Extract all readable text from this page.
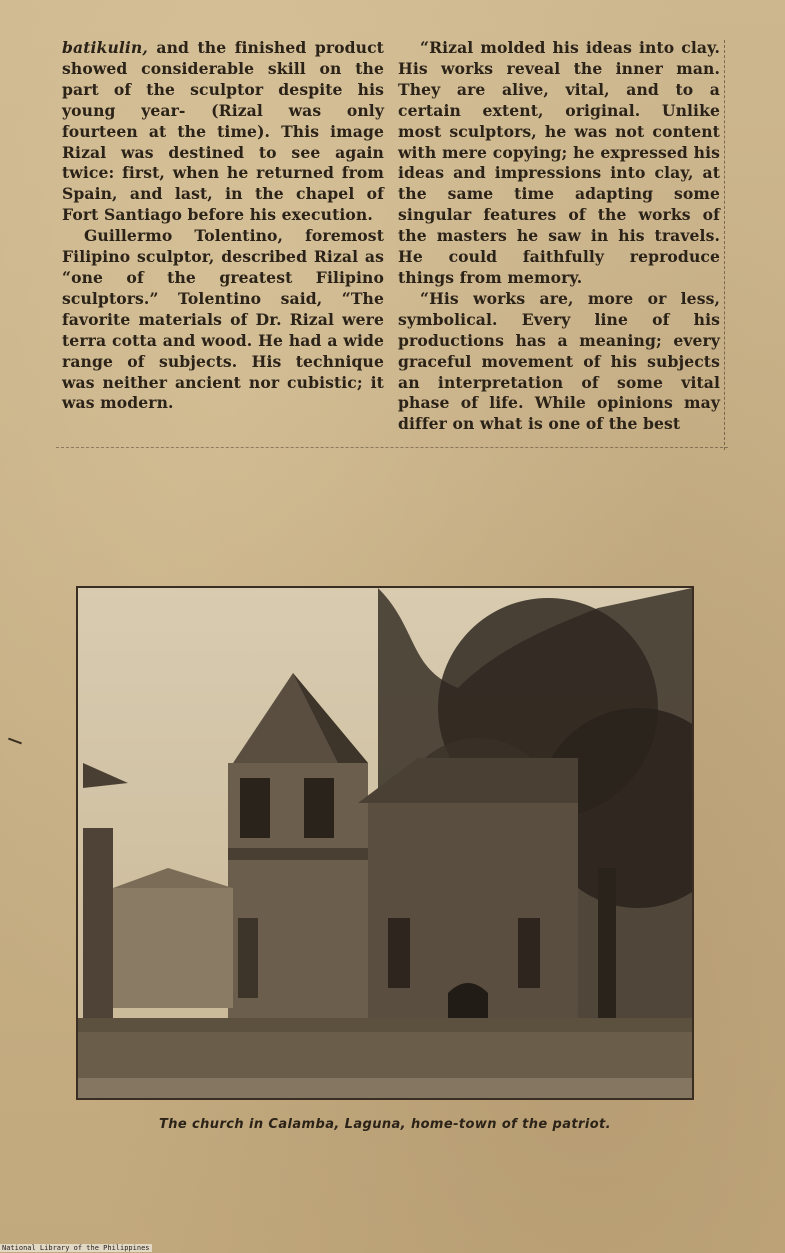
batikulin, and the finished product showed considerable skill on the part of the sculptor despite his young year- (Rizal was only fourteen at the time). This image Rizal was destined to see again twice: first, when he returned from Spain, and last, in the chapel of Fort Santiago before his execution.

Guillermo Tolentino, foremost Filipino sculptor, described Rizal as “one of the greatest Filipino sculptors.” Tolentino said, “The favorite materials of Dr. Rizal were terra cotta and wood. He had a wide range of subjects. His technique was neither ancient nor cubistic; it was modern.

“Rizal molded his ideas into clay. His works reveal the inner man. They are alive, vital, and to a certain extent, original. Unlike most sculptors, he was not content with mere copying; he expressed his ideas and impressions into clay, at the same time adapting some singular features of the works of the masters he saw in his travels. He could faithfully reproduce things from memory.

“His works are, more or less, symbolical. Every line of his productions has a meaning; every graceful movement of his subjects an interpretation of some vital phase of life. While opinions may differ on what is one of the best

The church in Calamba, Laguna, home-town of the patriot.
National Library of the Philippines
